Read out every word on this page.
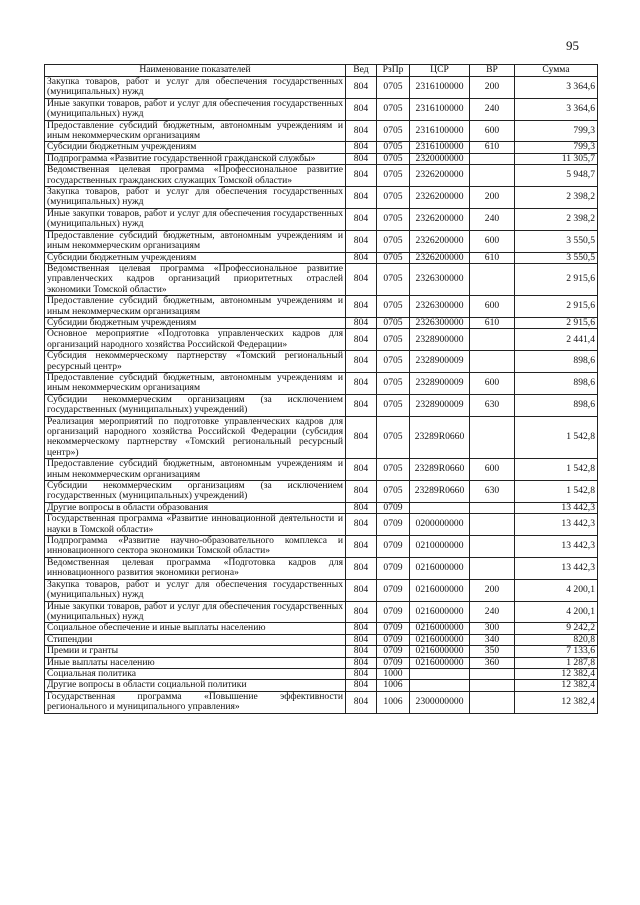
95
Наименование показателей	Вед	РзПр	ЦСР	ВР	Сумма
Закупка товаров, работ и услуг для обеспечения государственных (муниципальных) нужд	804	0705	2316100000	200	3 364,6
Иные закупки товаров, работ и услуг для обеспечения государственных (муниципальных) нужд	804	0705	2316100000	240	3 364,6
Предоставление субсидий бюджетным, автономным учреждениям и иным некоммерческим организациям	804	0705	2316100000	600	799,3
Субсидии бюджетным учреждениям	804	0705	2316100000	610	799,3
Подпрограмма «Развитие государственной гражданской службы»	804	0705	2320000000		11 305,7
Ведомственная целевая программа «Профессиональное развитие государственных гражданских служащих Томской области»	804	0705	2326200000		5 948,7
Закупка товаров, работ и услуг для обеспечения государственных (муниципальных) нужд	804	0705	2326200000	200	2 398,2
Иные закупки товаров, работ и услуг для обеспечения государственных (муниципальных) нужд	804	0705	2326200000	240	2 398,2
Предоставление субсидий бюджетным, автономным учреждениям и иным некоммерческим организациям	804	0705	2326200000	600	3 550,5
Субсидии бюджетным учреждениям	804	0705	2326200000	610	3 550,5
Ведомственная целевая программа «Профессиональное развитие управленческих кадров организаций приоритетных отраслей экономики Томской области»	804	0705	2326300000		2 915,6
Предоставление субсидий бюджетным, автономным учреждениям и иным некоммерческим организациям	804	0705	2326300000	600	2 915,6
Субсидии бюджетным учреждениям	804	0705	2326300000	610	2 915,6
Основное мероприятие «Подготовка управленческих кадров для организаций народного хозяйства Российской Федерации»	804	0705	2328900000		2 441,4
Субсидия некоммерческому партнерству «Томский региональный ресурсный центр»	804	0705	2328900009		898,6
Предоставление субсидий бюджетным, автономным учреждениям и иным некоммерческим организациям	804	0705	2328900009	600	898,6
Субсидии некоммерческим организациям (за исключением государственных (муниципальных) учреждений)	804	0705	2328900009	630	898,6
Реализация мероприятий по подготовке управленческих кадров для организаций народного хозяйства Российской Федерации (субсидия некоммерческому партнерству «Томский региональный ресурсный центр»)	804	0705	23289R0660		1 542,8
Предоставление субсидий бюджетным, автономным учреждениям и иным некоммерческим организациям	804	0705	23289R0660	600	1 542,8
Субсидии некоммерческим организациям (за исключением государственных (муниципальных) учреждений)	804	0705	23289R0660	630	1 542,8
Другие вопросы в области образования	804	0709			13 442,3
Государственная программа «Развитие инновационной деятельности и науки в Томской области»	804	0709	0200000000		13 442,3
Подпрограмма «Развитие научно-образовательного комплекса и инновационного сектора экономики Томской области»	804	0709	0210000000		13 442,3
Ведомственная целевая программа «Подготовка кадров для инновационного развития экономики региона»	804	0709	0216000000		13 442,3
Закупка товаров, работ и услуг для обеспечения государственных (муниципальных) нужд	804	0709	0216000000	200	4 200,1
Иные закупки товаров, работ и услуг для обеспечения государственных (муниципальных) нужд	804	0709	0216000000	240	4 200,1
Социальное обеспечение и иные выплаты населению	804	0709	0216000000	300	9 242,2
Стипендии	804	0709	0216000000	340	820,8
Премии и гранты	804	0709	0216000000	350	7 133,6
Иные выплаты населению	804	0709	0216000000	360	1 287,8
Социальная политика	804	1000			12 382,4
Другие вопросы в области социальной политики	804	1006			12 382,4
Государственная программа «Повышение эффективности регионального и муниципального управления»	804	1006	2300000000		12 382,4
